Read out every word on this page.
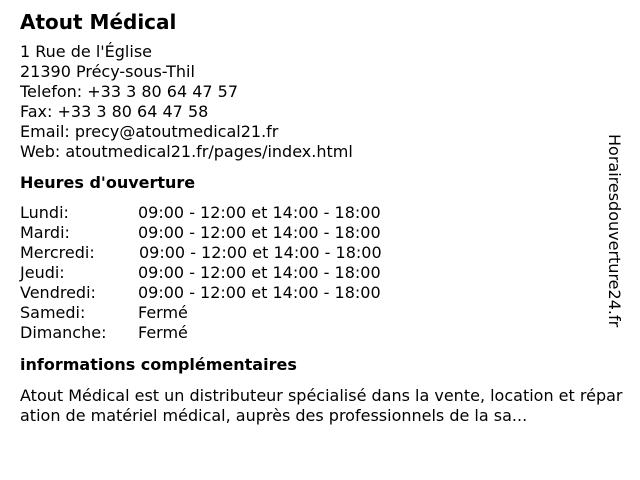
Atout Médical
1 Rue de l'Église
21390 Précy-sous-Thil
Telefon: +33 3 80 64 47 57
Fax: +33 3 80 64 47 58
Email: precy@atoutmedical21.fr
Web: atoutmedical21.fr/pages/index.html
Heures d'ouverture
Lundi:	09:00 - 12:00 et 14:00 - 18:00
Mardi:	09:00 - 12:00 et 14:00 - 18:00
Mercredi:	09:00 - 12:00 et 14:00 - 18:00
Jeudi:	09:00 - 12:00 et 14:00 - 18:00
Vendredi:	09:00 - 12:00 et 14:00 - 18:00
Samedi:	Fermé
Dimanche:	Fermé
informations complémentaires

Atout Médical est un distributeur spécialisé dans la vente, location et réparation de matériel médical, auprès des professionnels de la sa...

Horairesdouverture24.fr
